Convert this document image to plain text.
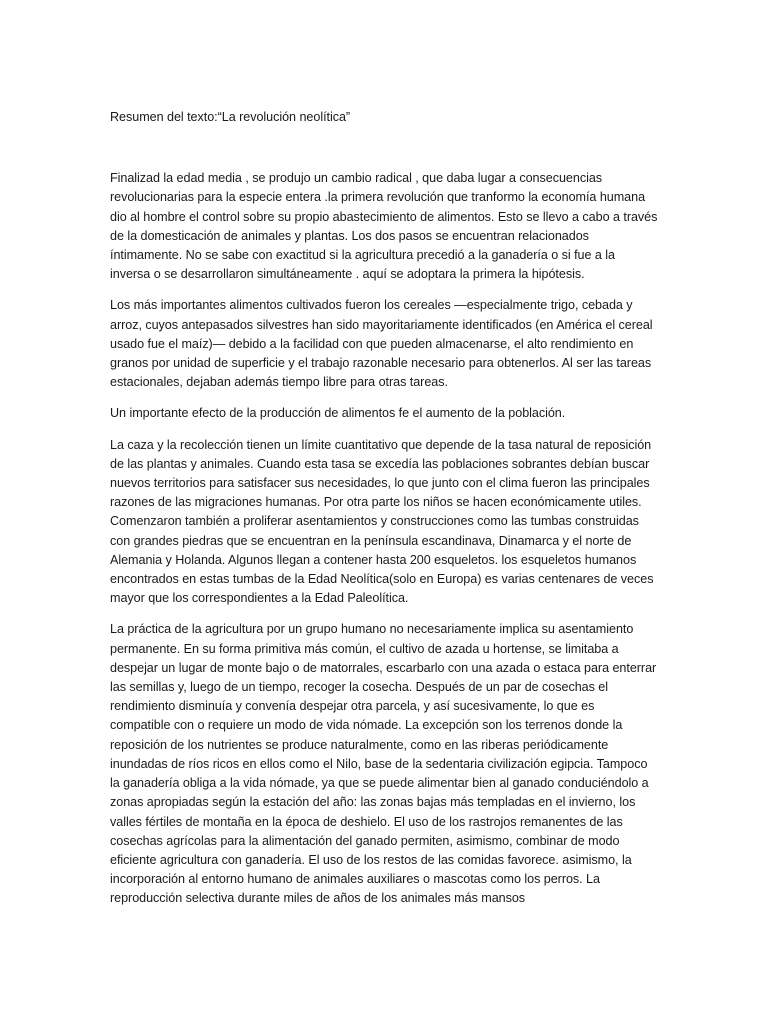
Resumen del texto:“La revolución neolítica”

Finalizad la edad media , se produjo un cambio radical , que daba lugar a consecuencias revolucionarias para la especie entera .la primera revolución que tranformo la economía humana dio al hombre el control sobre su propio abastecimiento de alimentos. Esto se llevo a cabo a través de la domesticación de animales y plantas. Los dos pasos se encuentran relacionados íntimamente. No se sabe con exactitud si la agricultura precedió a la ganadería o si fue a la inversa o se desarrollaron simultáneamente . aquí se adoptara la primera la hipótesis.

Los más importantes alimentos cultivados fueron los cereales —especialmente trigo, cebada y arroz, cuyos antepasados silvestres han sido mayoritariamente identificados (en América el cereal usado fue el maíz)— debido a la facilidad con que pueden almacenarse, el alto rendimiento en granos por unidad de superficie y el trabajo razonable necesario para obtenerlos. Al ser las tareas estacionales, dejaban además tiempo libre para otras tareas.

Un importante efecto de la producción de alimentos fe el aumento de la población.

La caza y la recolección tienen un límite cuantitativo que depende de la tasa natural de reposición de las plantas y animales. Cuando esta tasa se excedía las poblaciones sobrantes debían buscar nuevos territorios para satisfacer sus necesidades, lo que junto con el clima fueron las principales razones de las migraciones humanas. Por otra parte los niños se hacen económicamente utiles. Comenzaron también a proliferar asentamientos y construcciones como las tumbas construidas con grandes piedras que se encuentran en la península escandinava, Dinamarca y el norte de Alemania y Holanda. Algunos llegan a contener hasta 200 esqueletos. los esqueletos humanos encontrados en estas tumbas de la Edad Neolítica(solo en Europa) es varias centenares de veces mayor que los correspondientes a la Edad Paleolítica.

La práctica de la agricultura por un grupo humano no necesariamente implica su asentamiento permanente. En su forma primitiva más común, el cultivo de azada u hortense, se limitaba a despejar un lugar de monte bajo o de matorrales, escarbarlo con una azada o estaca para enterrar las semillas y, luego de un tiempo, recoger la cosecha. Después de un par de cosechas el rendimiento disminuía y convenía despejar otra parcela, y así sucesivamente, lo que es compatible con o requiere un modo de vida nómade. La excepción son los terrenos donde la reposición de los nutrientes se produce naturalmente, como en las riberas periódicamente inundadas de ríos ricos en ellos como el Nilo, base de la sedentaria civilización egipcia. Tampoco la ganadería obliga a la vida nómade, ya que se puede alimentar bien al ganado conduciéndolo a zonas apropiadas según la estación del año: las zonas bajas más templadas en el invierno, los valles fértiles de montaña en la época de deshielo. El uso de los rastrojos remanentes de las cosechas agrícolas para la alimentación del ganado permiten, asimismo, combinar de modo eficiente agricultura con ganadería. El uso de los restos de las comidas favorece. asimismo, la incorporación al entorno humano de animales auxiliares o mascotas como los perros. La reproducción selectiva durante miles de años de los animales más mansos
